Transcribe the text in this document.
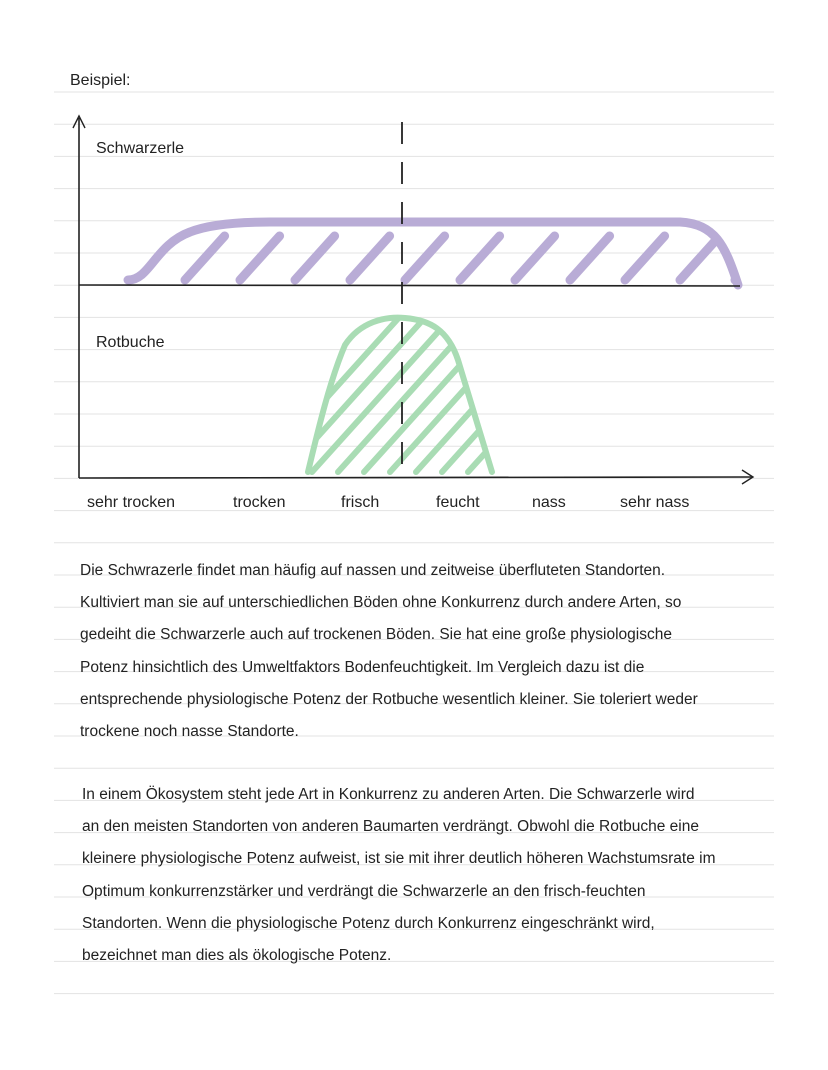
Beispiel:
Schwarzerle
Rotbuche
sehr trocken	trocken	frisch	feucht	nass	sehr nass
Die Schwrazerle findet man häufig auf nassen und zeitweise überfluteten Standorten.
Kultiviert man sie auf unterschiedlichen Böden ohne Konkurrenz durch andere Arten, so
gedeiht die Schwarzerle auch auf trockenen Böden. Sie hat eine große physiologische
Potenz hinsichtlich des Umweltfaktors Bodenfeuchtigkeit. Im Vergleich dazu ist die
entsprechende physiologische Potenz der Rotbuche wesentlich kleiner. Sie toleriert weder
trockene noch nasse Standorte.
In einem Ökosystem steht jede Art in Konkurrenz zu anderen Arten. Die Schwarzerle wird
an den meisten Standorten von anderen Baumarten verdrängt. Obwohl die Rotbuche eine
kleinere physiologische Potenz aufweist, ist sie mit ihrer deutlich höheren Wachstumsrate im
Optimum konkurrenzstärker und verdrängt die Schwarzerle an den frisch-feuchten
Standorten. Wenn die physiologische Potenz durch Konkurrenz eingeschränkt wird,
bezeichnet man dies als ökologische Potenz.
